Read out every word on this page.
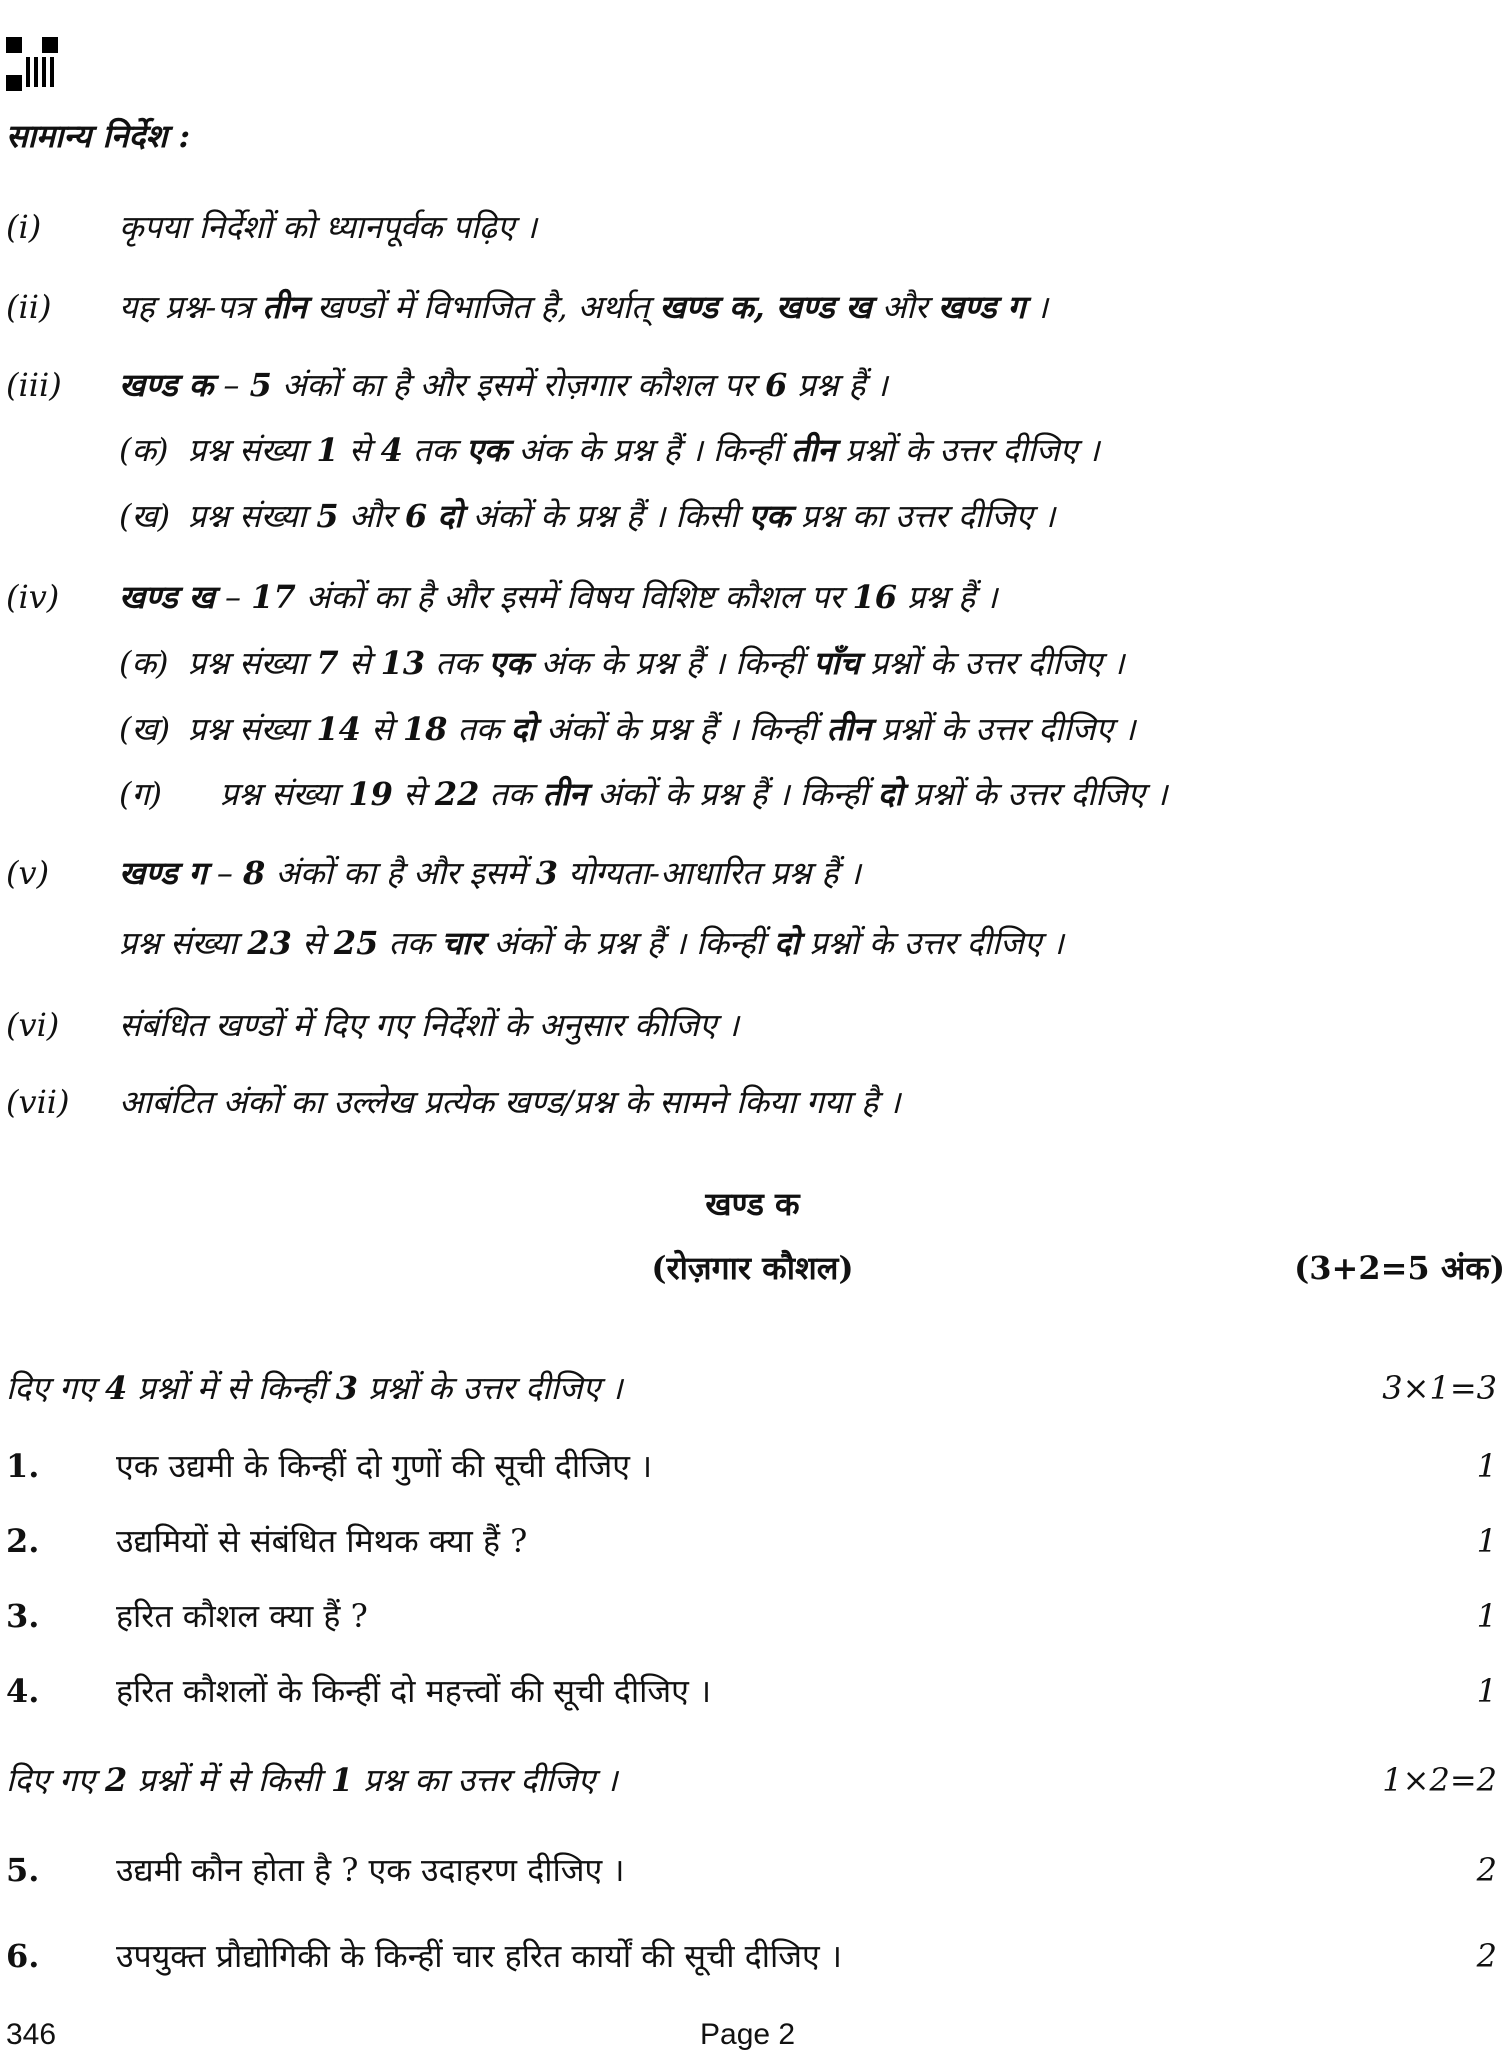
सामान्य निर्देश :
(i) कृपया निर्देशों को ध्यानपूर्वक पढ़िए ।
(ii) यह प्रश्न-पत्र तीन खण्डों में विभाजित है, अर्थात् खण्ड क, खण्ड ख और खण्ड ग ।
(iii) खण्ड क – 5 अंकों का है और इसमें रोज़गार कौशल पर 6 प्रश्न हैं ।
(क) प्रश्न संख्या 1 से 4 तक एक अंक के प्रश्न हैं । किन्हीं तीन प्रश्नों के उत्तर दीजिए ।
(ख) प्रश्न संख्या 5 और 6 दो अंकों के प्रश्न हैं । किसी एक प्रश्न का उत्तर दीजिए ।
(iv) खण्ड ख – 17 अंकों का है और इसमें विषय विशिष्ट कौशल पर 16 प्रश्न हैं ।
(क) प्रश्न संख्या 7 से 13 तक एक अंक के प्रश्न हैं । किन्हीं पाँच प्रश्नों के उत्तर दीजिए ।
(ख) प्रश्न संख्या 14 से 18 तक दो अंकों के प्रश्न हैं । किन्हीं तीन प्रश्नों के उत्तर दीजिए ।
(ग) प्रश्न संख्या 19 से 22 तक तीन अंकों के प्रश्न हैं । किन्हीं दो प्रश्नों के उत्तर दीजिए ।
(v) खण्ड ग – 8 अंकों का है और इसमें 3 योग्यता-आधारित प्रश्न हैं ।
प्रश्न संख्या 23 से 25 तक चार अंकों के प्रश्न हैं । किन्हीं दो प्रश्नों के उत्तर दीजिए ।
(vi) संबंधित खण्डों में दिए गए निर्देशों के अनुसार कीजिए ।
(vii) आबंटित अंकों का उल्लेख प्रत्येक खण्ड/प्रश्न के सामने किया गया है ।
खण्ड क
(रोज़गार कौशल)	(3+2=5 अंक)
दिए गए 4 प्रश्नों में से किन्हीं 3 प्रश्नों के उत्तर दीजिए ।	3×1=3
1. एक उद्यमी के किन्हीं दो गुणों की सूची दीजिए ।	1
2. उद्यमियों से संबंधित मिथक क्या हैं ?	1
3. हरित कौशल क्या हैं ?	1
4. हरित कौशलों के किन्हीं दो महत्त्वों की सूची दीजिए ।	1
दिए गए 2 प्रश्नों में से किसी 1 प्रश्न का उत्तर दीजिए ।	1×2=2
5. उद्यमी कौन होता है ? एक उदाहरण दीजिए ।	2
6. उपयुक्त प्रौद्योगिकी के किन्हीं चार हरित कार्यों की सूची दीजिए ।	2
346	Page 2
